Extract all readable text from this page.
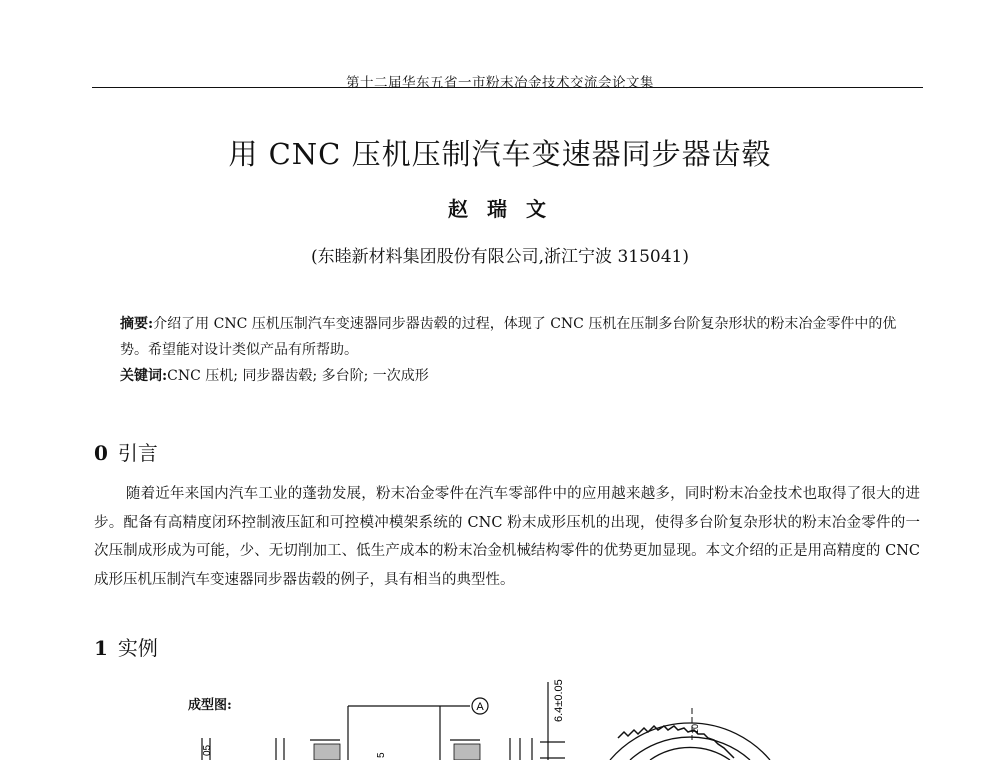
第十二届华东五省一市粉末冶金技术交流会论文集
用 CNC 压机压制汽车变速器同步器齿毂
赵 瑞 文
(东睦新材料集团股份有限公司,浙江宁波 315041)
摘要:介绍了用 CNC 压机压制汽车变速器同步器齿毂的过程，体现了 CNC 压机在压制多台阶复杂形状的粉末冶金零件中的优势。希望能对设计类似产品有所帮助。
关键词:CNC 压机; 同步器齿毂; 多台阶; 一次成形
0 引言
随着近年来国内汽车工业的蓬勃发展，粉末冶金零件在汽车零部件中的应用越来越多，同时粉末冶金技术也取得了很大的进步。配备有高精度闭环控制液压缸和可控模冲模架系统的 CNC 粉末成形压机的出现，使得多台阶复杂形状的粉末冶金零件的一次压制成形成为可能，少、无切削加工、低生产成本的粉末冶金机械结构零件的优势更加显现。本文介绍的正是用高精度的 CNC 成形压机压制汽车变速器同步器齿毂的例子，具有相当的典型性。
1 实例
成型图:	A	6.4±0.05
05	5
10
